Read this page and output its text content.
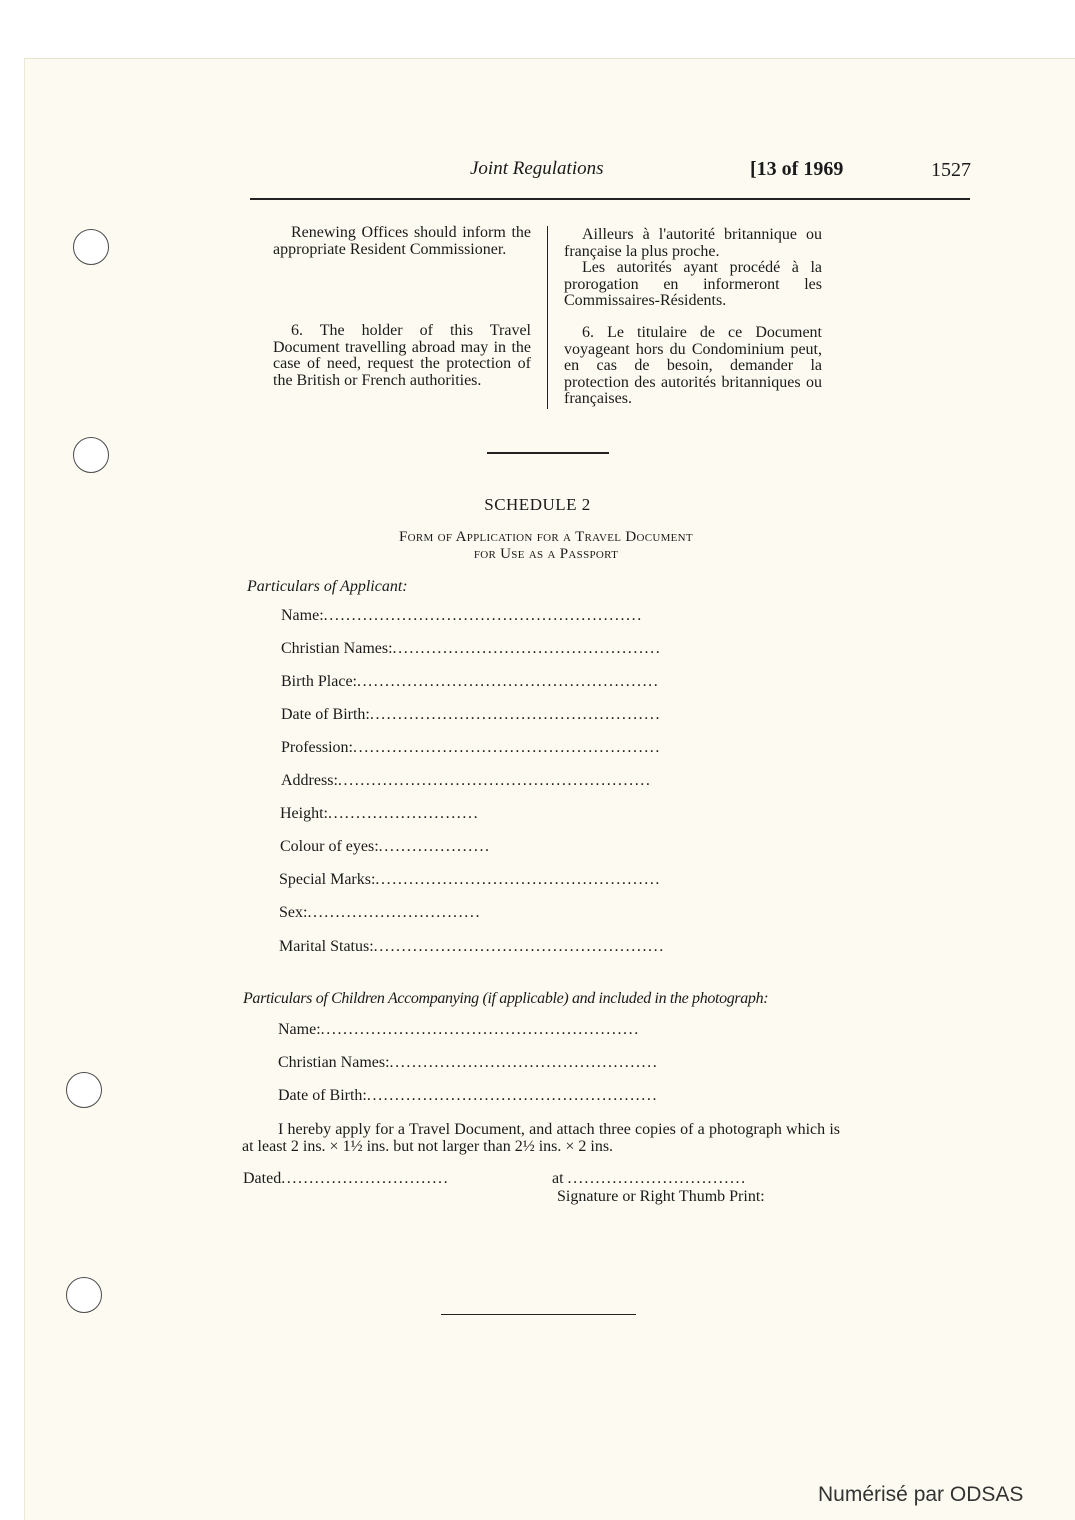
Joint Regulations	[13 of 1969	1527

Renewing Offices should inform the appropriate Resident Commissioner.

Ailleurs à l'autorité britannique ou française la plus proche.

Les autorités ayant procédé à la prorogation en informeront les Commissaires-Résidents.

6. The holder of this Travel Document travelling abroad may in the case of need, request the protection of the British or French authorities.

6. Le titulaire de ce Document voyageant hors du Condominium peut, en cas de besoin, demander la protection des autorités britanniques ou françaises.

SCHEDULE 2
Form of Application for a Travel Document
for Use as a Passport
Particulars of Applicant:
Name:.........................................................
Christian Names:................................................
Birth Place:......................................................
Date of Birth:....................................................
Profession:.......................................................
Address:........................................................
Height:...........................
Colour of eyes:....................
Special Marks:...................................................
Sex:...............................
Marital Status:....................................................
Particulars of Children Accompanying (if applicable) and included in the photograph:
Name:.........................................................
Christian Names:................................................
Date of Birth:....................................................

I hereby apply for a Travel Document, and attach three copies of a photograph which is at least 2 ins. × 1½ ins. but not larger than 2½ ins. × 2 ins.

Dated..............................	at ................................
Signature or Right Thumb Print:
Numérisé par ODSAS
